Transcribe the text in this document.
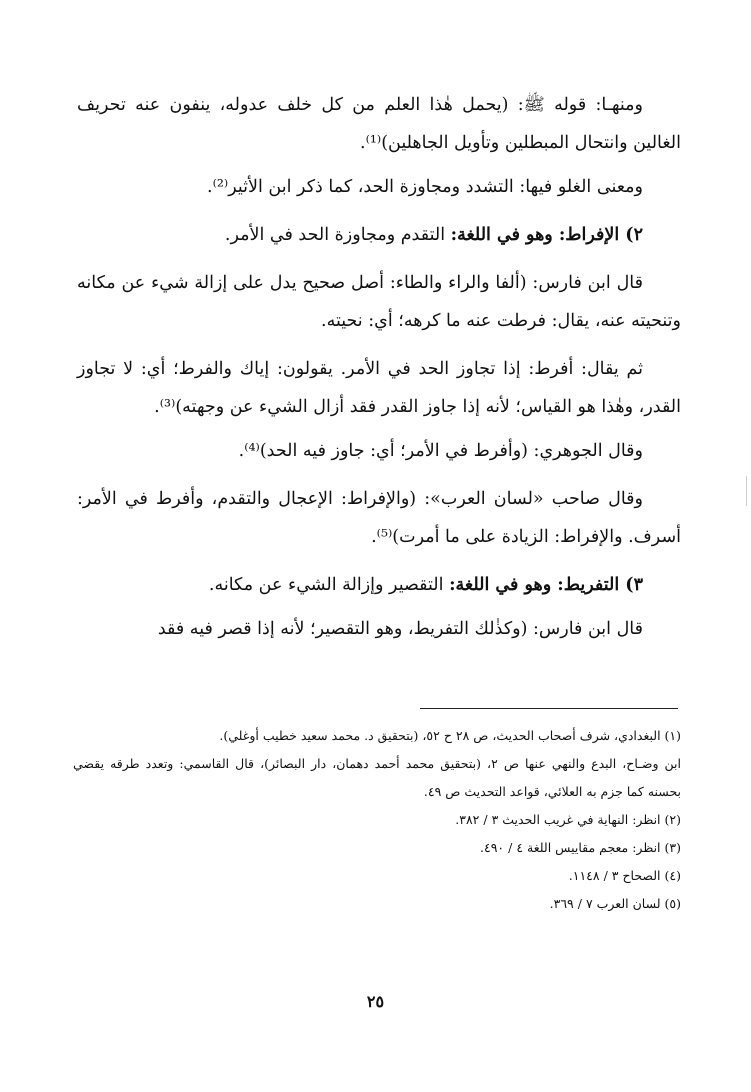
ومنهـا: قوله ﷺ: (يحمل هٰذا العلم من كل خلف عدوله، ينفون عنه تحريف الغالين وانتحال المبطلين وتأويل الجاهلين)⁽¹⁾.

ومعنى الغلو فيها: التشدد ومجاوزة الحد، كما ذكر ابن الأثير⁽²⁾.

٢) الإفراط: وهو في اللغة: التقدم ومجاوزة الحد في الأمر.

قال ابن فارس: (ألفا والراء والطاء: أصل صحيح يدل على إزالة شيء عن مكانه وتنحيته عنه، يقال: فرطت عنه ما كرهه؛ أي: نحيته.

ثم يقال: أفرط: إذا تجاوز الحد في الأمر. يقولون: إياك والفرط؛ أي: لا تجاوز القدر، وهٰذا هو القياس؛ لأنه إذا جاوز القدر فقد أزال الشيء عن وجهته)⁽³⁾.

وقال الجوهري: (وأفرط في الأمر؛ أي: جاوز فيه الحد)⁽⁴⁾.

وقال صاحب «لسان العرب»: (والإفراط: الإعجال والتقدم، وأفرط في الأمر: أسرف. والإفراط: الزيادة على ما أمرت)⁽⁵⁾.

٣) التفريط: وهو في اللغة: التقصير وإزالة الشيء عن مكانه.

قال ابن فارس: (وكذٰلك التفريط، وهو التقصير؛ لأنه إذا قصر فيه فقد

(١) البغدادي، شرف أصحاب الحديث، ص ٢٨ ح ٥٢، (بتحقيق د. محمد سعيد خطيب أوغلي).

ابن وضـاح، البدع والنهي عنها ص ٢، (بتحقيق محمد أحمد دهمان، دار البصائر)، قال القاسمي: وتعدد طرقه يقضي بحسنه كما جزم به العلائي، قواعد التحديث ص ٤٩.

(٢) انظر: النهاية في غريب الحديث ٣ / ٣٨٢.

(٣) انظر: معجم مقاييس اللغة ٤ / ٤٩٠.

(٤) الصحاح ٣ / ١١٤٨.

(٥) لسان العرب ٧ / ٣٦٩.

٢٥
